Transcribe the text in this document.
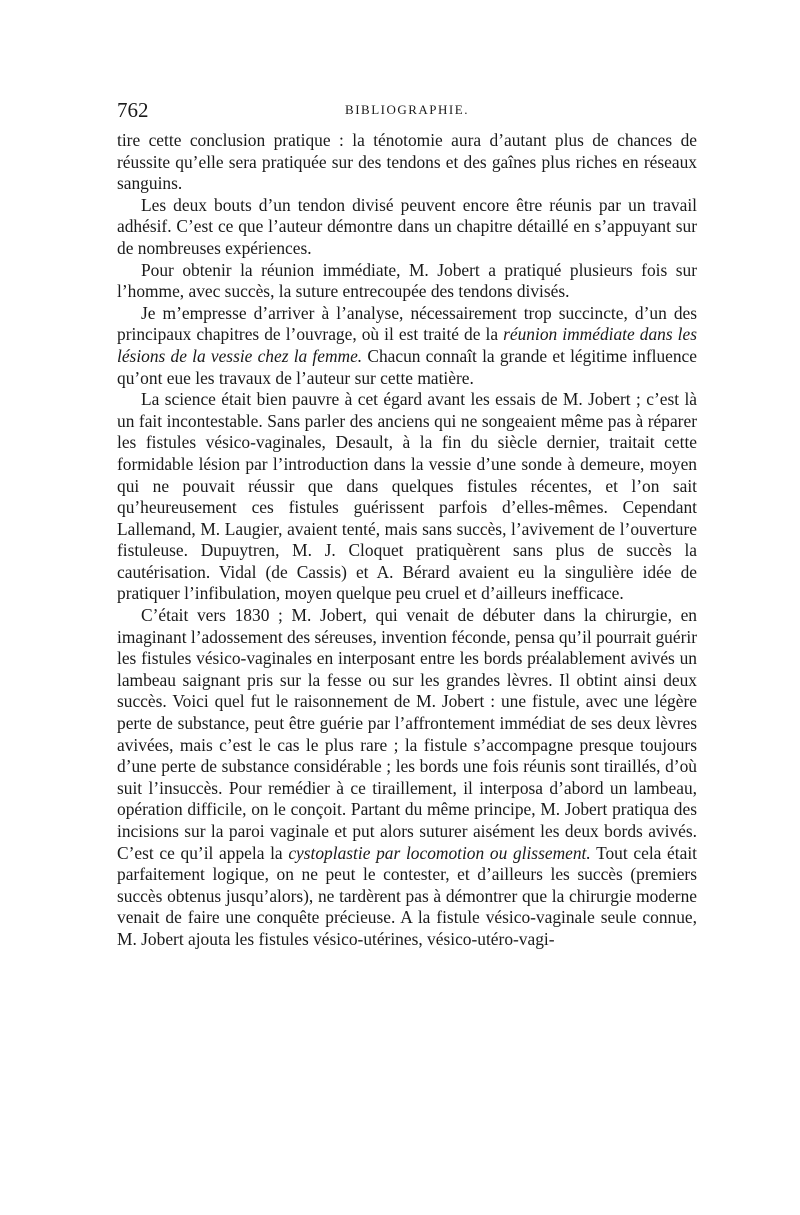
762	BIBLIOGRAPHIE.

tire cette conclusion pratique : la ténotomie aura d’autant plus de chances de réussite qu’elle sera pratiquée sur des tendons et des gaînes plus riches en réseaux sanguins.

Les deux bouts d’un tendon divisé peuvent encore être réunis par un travail adhésif. C’est ce que l’auteur démontre dans un chapitre détaillé en s’appuyant sur de nombreuses expériences.

Pour obtenir la réunion immédiate, M. Jobert a pratiqué plusieurs fois sur l’homme, avec succès, la suture entrecoupée des tendons divisés.

Je m’empresse d’arriver à l’analyse, nécessairement trop succincte, d’un des principaux chapitres de l’ouvrage, où il est traité de la réunion immédiate dans les lésions de la vessie chez la femme. Chacun connaît la grande et légitime influence qu’ont eue les travaux de l’auteur sur cette matière.

La science était bien pauvre à cet égard avant les essais de M. Jobert ; c’est là un fait incontestable. Sans parler des anciens qui ne songeaient même pas à réparer les fistules vésico-vaginales, Desault, à la fin du siècle dernier, traitait cette formidable lésion par l’introduction dans la vessie d’une sonde à demeure, moyen qui ne pouvait réussir que dans quelques fistules récentes, et l’on sait qu’heureusement ces fistules guérissent parfois d’elles-mêmes. Cependant Lallemand, M. Laugier, avaient tenté, mais sans succès, l’avivement de l’ouverture fistuleuse. Dupuytren, M. J. Cloquet pratiquèrent sans plus de succès la cautérisation. Vidal (de Cassis) et A. Bérard avaient eu la singulière idée de pratiquer l’infibulation, moyen quelque peu cruel et d’ailleurs inefficace.

C’était vers 1830 ; M. Jobert, qui venait de débuter dans la chirurgie, en imaginant l’adossement des séreuses, invention féconde, pensa qu’il pourrait guérir les fistules vésico-vaginales en interposant entre les bords préalablement avivés un lambeau saignant pris sur la fesse ou sur les grandes lèvres. Il obtint ainsi deux succès. Voici quel fut le raisonnement de M. Jobert : une fistule, avec une légère perte de substance, peut être guérie par l’affrontement immédiat de ses deux lèvres avivées, mais c’est le cas le plus rare ; la fistule s’accompagne presque toujours d’une perte de substance considérable ; les bords une fois réunis sont tiraillés, d’où suit l’insuccès. Pour remédier à ce tiraillement, il interposa d’abord un lambeau, opération difficile, on le conçoit. Partant du même principe, M. Jobert pratiqua des incisions sur la paroi vaginale et put alors suturer aisément les deux bords avivés. C’est ce qu’il appela la cystoplastie par locomotion ou glissement. Tout cela était parfaitement logique, on ne peut le contester, et d’ailleurs les succès (premiers succès obtenus jusqu’alors), ne tardèrent pas à démontrer que la chirurgie moderne venait de faire une conquête précieuse. A la fistule vésico-vaginale seule connue, M. Jobert ajouta les fistules vésico-utérines, vésico-utéro-vagi-
